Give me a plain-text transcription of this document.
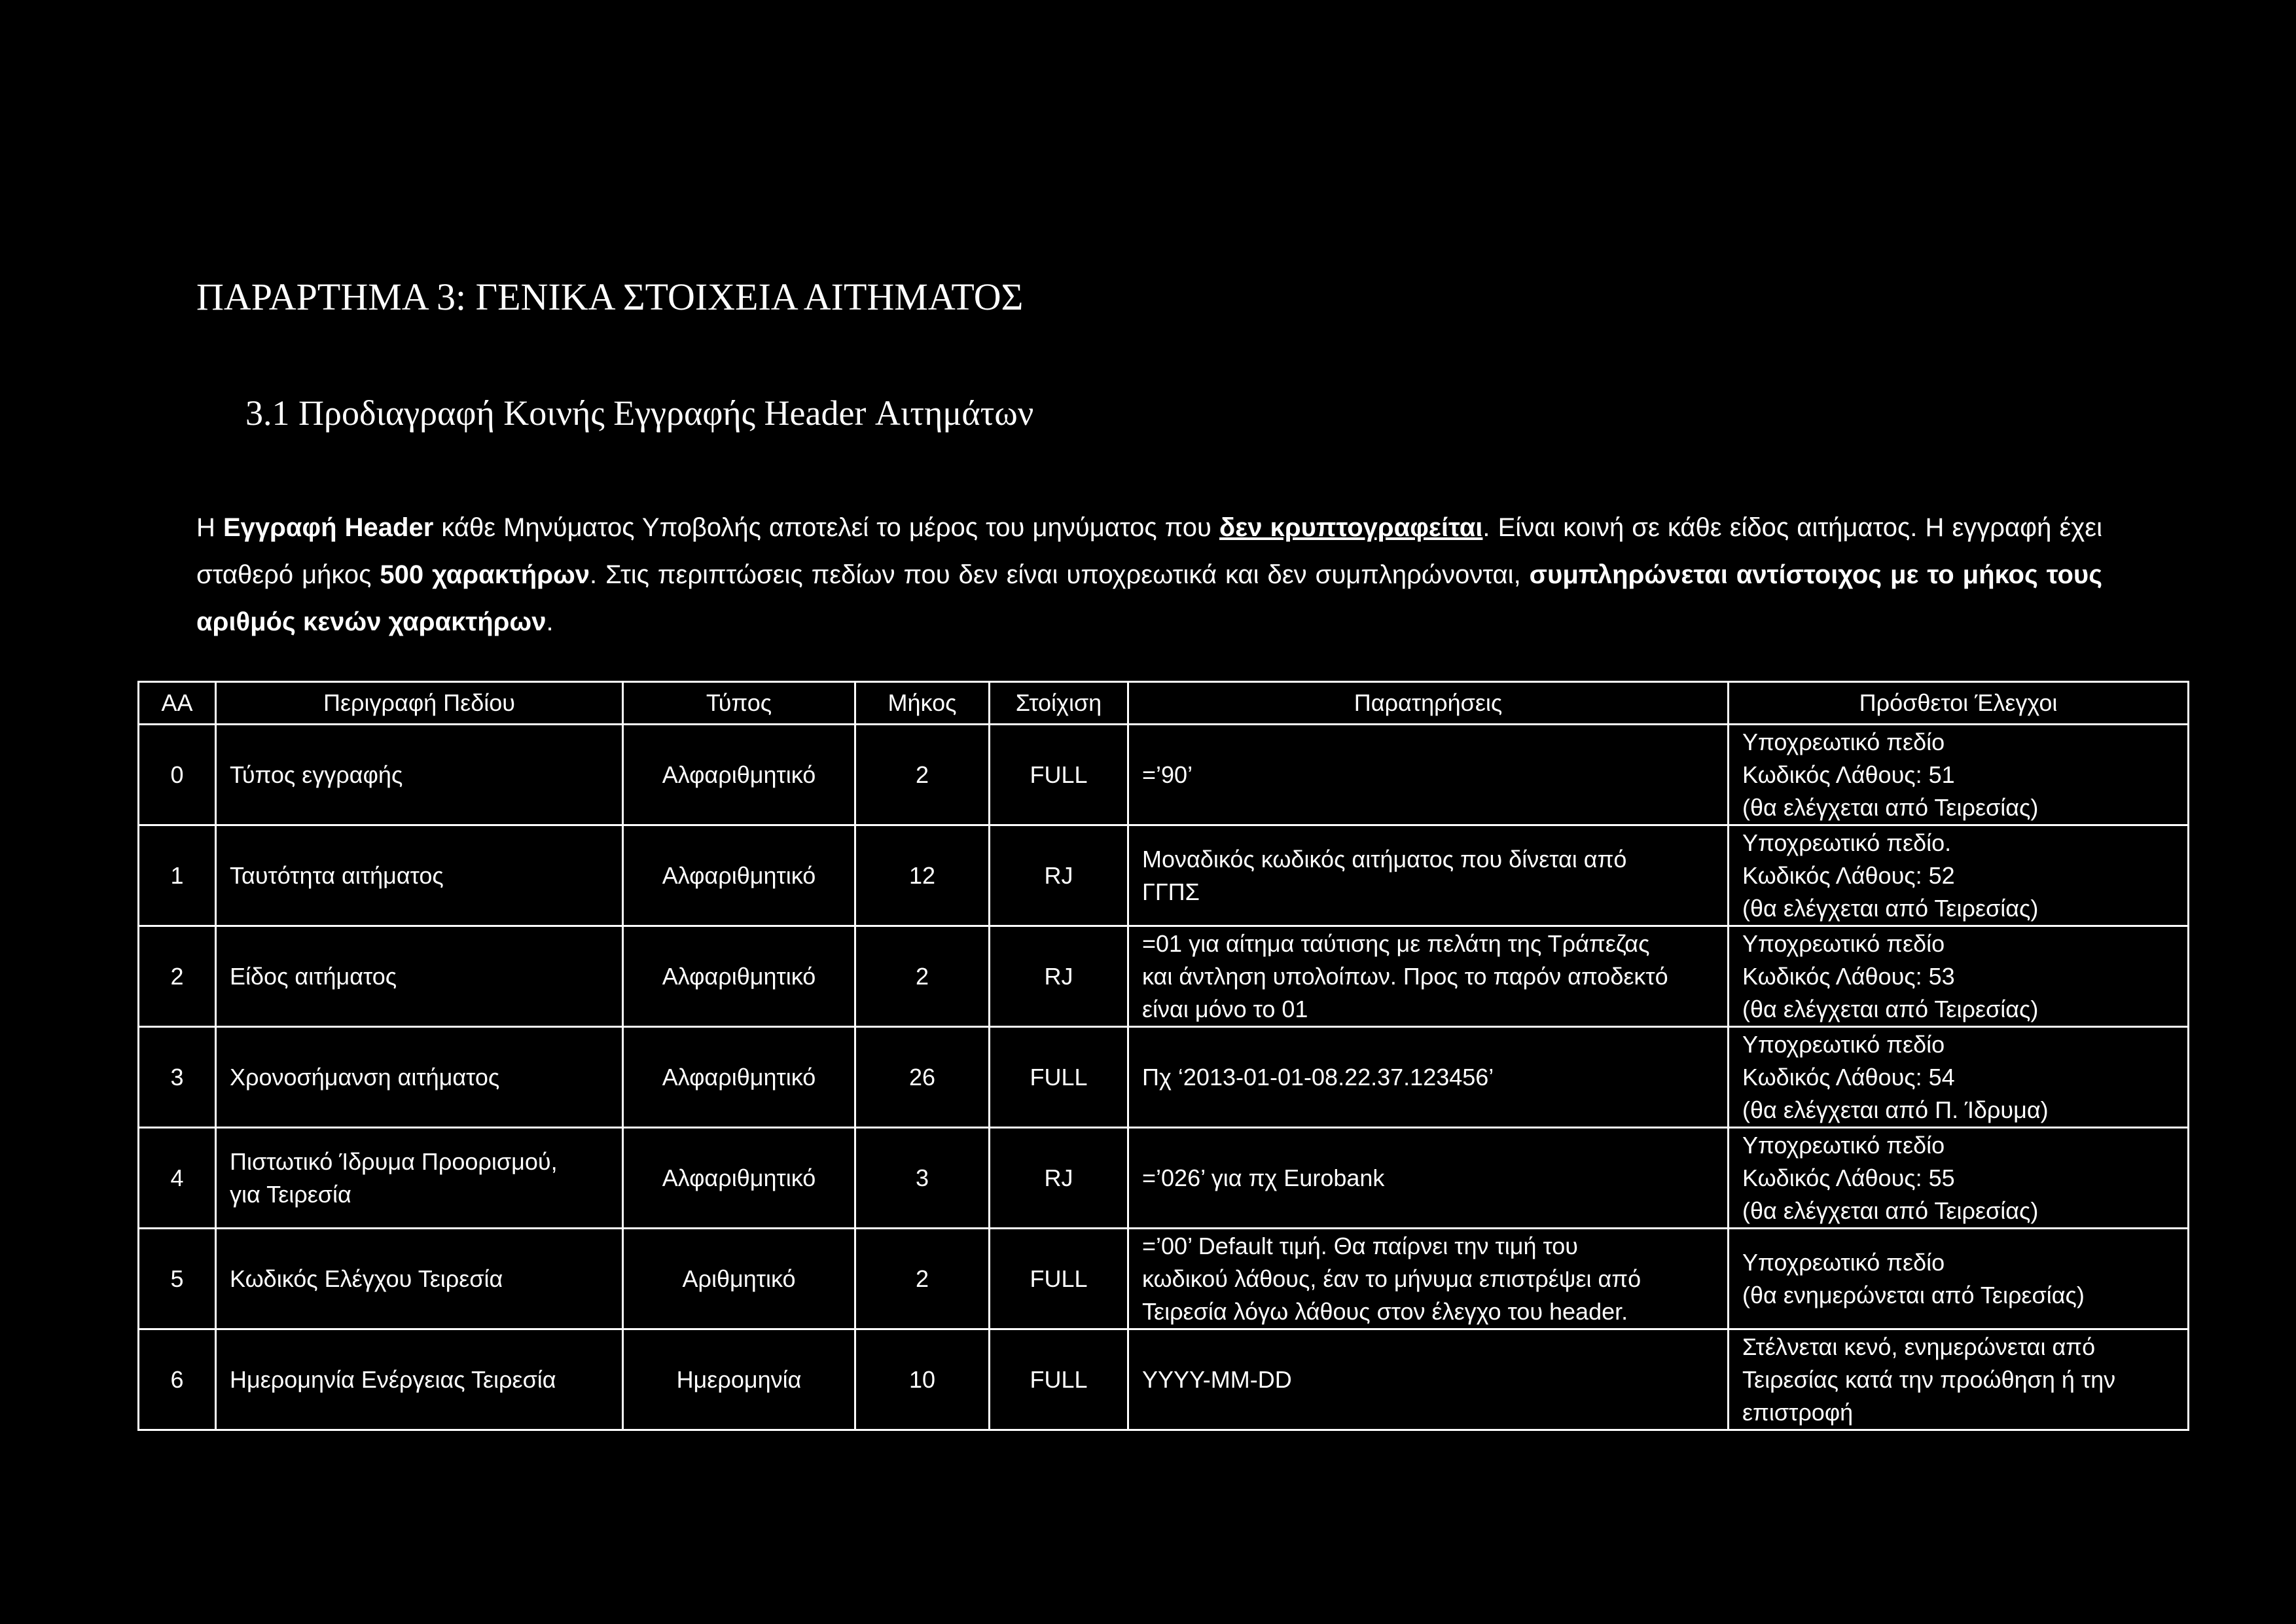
ΠΑΡΑΡΤΗΜΑ 3: ΓΕΝΙΚΑ ΣΤΟΙΧΕΙΑ ΑΙΤΗΜΑΤΟΣ
3.1 Προδιαγραφή Κοινής Εγγραφής Header Αιτημάτων
Η Εγγραφή Header κάθε Μηνύματος Υποβολής αποτελεί το μέρος του μηνύματος που δεν κρυπτογραφείται. Είναι κοινή σε κάθε είδος αιτήματος. Η εγγραφή έχει σταθερό μήκος 500 χαρακτήρων. Στις περιπτώσεις πεδίων που δεν είναι υποχρεωτικά και δεν συμπληρώνονται, συμπληρώνεται αντίστοιχος με το μήκος τους αριθμός κενών χαρακτήρων.
ΑΑ	Περιγραφή Πεδίου	Τύπος	Μήκος	Στοίχιση	Παρατηρήσεις	Πρόσθετοι Έλεγχοι
0	Τύπος εγγραφής	Αλφαριθμητικό	2	FULL	=’90’	Υποχρεωτικό πεδίο
Κωδικός Λάθους: 51
(θα ελέγχεται από Τειρεσίας)

1	Ταυτότητα αιτήματος	Αλφαριθμητικό	12	RJ	Μοναδικός κωδικός αιτήματος που δίνεται από
ΓΓΠΣ	Υποχρεωτικό πεδίο.
Κωδικός Λάθους: 52
(θα ελέγχεται από Τειρεσίας)

2	Είδος αιτήματος	Αλφαριθμητικό	2	RJ	=01 για αίτημα ταύτισης με πελάτη της Τράπεζας
και άντληση υπολοίπων. Προς το παρόν αποδεκτό
είναι μόνο το 01	Υποχρεωτικό πεδίο
Κωδικός Λάθους: 53
(θα ελέγχεται από Τειρεσίας)

3	Χρονοσήμανση αιτήματος	Αλφαριθμητικό	26	FULL	Πχ ‘2013-01-01-08.22.37.123456’	Υποχρεωτικό πεδίο
Κωδικός Λάθους: 54
(θα ελέγχεται από Π. Ίδρυμα)

4	Πιστωτικό Ίδρυμα Προορισμού,
για Τειρεσία	Αλφαριθμητικό	3	RJ	=’026’ για πχ Eurobank	Υποχρεωτικό πεδίο
Κωδικός Λάθους: 55
(θα ελέγχεται από Τειρεσίας)

5	Κωδικός Ελέγχου Τειρεσία	Αριθμητικό	2	FULL	=’00’ Default τιμή. Θα παίρνει την τιμή του
κωδικού λάθους, έαν το μήνυμα επιστρέψει από
Τειρεσία λόγω λάθους στον έλεγχο του header.	Υποχρεωτικό πεδίο
(θα ενημερώνεται από Τειρεσίας)

6	Ημερομηνία Ενέργειας Τειρεσία	Ημερομηνία	10	FULL	YYYY-MM-DD	Στέλνεται κενό, ενημερώνεται από
Τειρεσίας κατά την προώθηση ή την
επιστροφή
